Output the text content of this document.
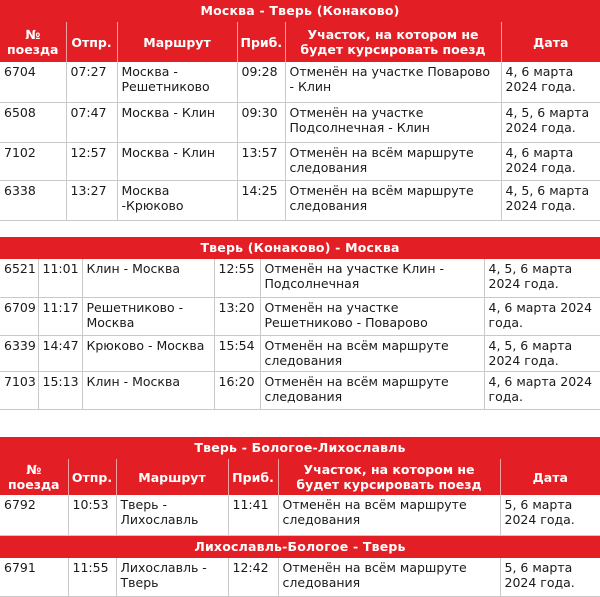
Москва - Тверь (Конаково)					
№ поезда	Отпр.	Маршрут	Приб.	Участок, на котором не будет курсировать поезд	Дата
6704	07:27	Москва - Решетниково	09:28	Отменён на участке Поварово - Клин	4, 6 марта 2024 года.
6508	07:47	Москва - Клин	09:30	Отменён на участке Подсолнечная - Клин	4, 5, 6 марта 2024 года.
7102	12:57	Москва - Клин	13:57	Отменён на всём маршруте следования	4, 6 марта 2024 года.
6338	13:27	Москва -Крюково	14:25	Отменён на всём маршруте следования	4, 5, 6 марта 2024 года.
Тверь (Конаково) - Москва					
6521	11:01	Клин - Москва	12:55	Отменён на участке Клин - Подсолнечная	4, 5, 6 марта 2024 года.
6709	11:17	Решетниково - Москва	13:20	Отменён на участке Решетниково - Поварово	4, 6 марта 2024 года.
6339	14:47	Крюково - Москва	15:54	Отменён на всём маршруте следования	4, 5, 6 марта 2024 года.
7103	15:13	Клин - Москва	16:20	Отменён на всём маршруте следования	4, 6 марта 2024 года.
Тверь - Бологое-Лихославль					
№ поезда	Отпр.	Маршрут	Приб.	Участок, на котором не будет курсировать поезд	Дата
6792	10:53	Тверь - Лихославль	11:41	Отменён на всём маршруте следования	5, 6 марта 2024 года.
Лихославль-Бологое - Тверь
6791	11:55	Лихославль - Тверь	12:42	Отменён на всём маршруте следования	5, 6 марта 2024 года.
